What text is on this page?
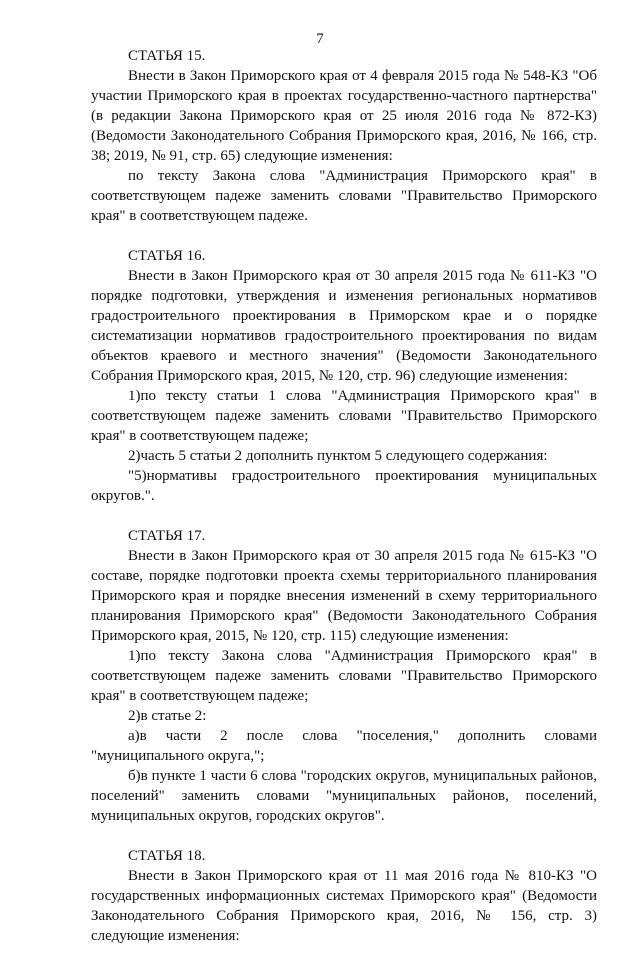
7

СТАТЬЯ 15.

Внести в Закон Приморского края от 4 февраля 2015 года № 548-КЗ "Об участии Приморского края в проектах государственно-частного партнерства" (в редакции Закона Приморского края от 25 июля 2016 года № 872-КЗ) (Ведомости Законодательного Собрания Приморского края, 2016, № 166, стр. 38; 2019, № 91, стр. 65) следующие изменения:

по тексту Закона слова "Администрация Приморского края" в соответствующем падеже заменить словами "Правительство Приморского края" в соответствующем падеже.

СТАТЬЯ 16.

Внести в Закон Приморского края от 30 апреля 2015 года № 611-КЗ "О порядке подготовки, утверждения и изменения региональных нормативов градостроительного проектирования в Приморском крае и о порядке систематизации нормативов градостроительного проектирования по видам объектов краевого и местного значения" (Ведомости Законодательного Собрания Приморского края, 2015, № 120, стр. 96) следующие изменения:

1)по тексту статьи 1 слова "Администрация Приморского края" в соответствующем падеже заменить словами "Правительство Приморского края" в соответствующем падеже;

2)часть 5 статьи 2 дополнить пунктом 5 следующего содержания:

"5)нормативы градостроительного проектирования муниципальных округов.".

СТАТЬЯ 17.

Внести в Закон Приморского края от 30 апреля 2015 года № 615-КЗ "О составе, порядке подготовки проекта схемы территориального планирования Приморского края и порядке внесения изменений в схему территориального планирования Приморского края" (Ведомости Законодательного Собрания Приморского края, 2015, № 120, стр. 115) следующие изменения:

1)по тексту Закона слова "Администрация Приморского края" в соответствующем падеже заменить словами "Правительство Приморского края" в соответствующем падеже;

2)в статье 2:

а)в части 2 после слова "поселения," дополнить словами "муниципального округа,";

б)в пункте 1 части 6 слова "городских округов, муниципальных районов, поселений" заменить словами "муниципальных районов, поселений, муниципальных округов, городских округов".

СТАТЬЯ 18.

Внести в Закон Приморского края от 11 мая 2016 года № 810-КЗ "О государственных информационных системах Приморского края" (Ведомости Законодательного Собрания Приморского края, 2016, № 156, стр. 3) следующие изменения:
